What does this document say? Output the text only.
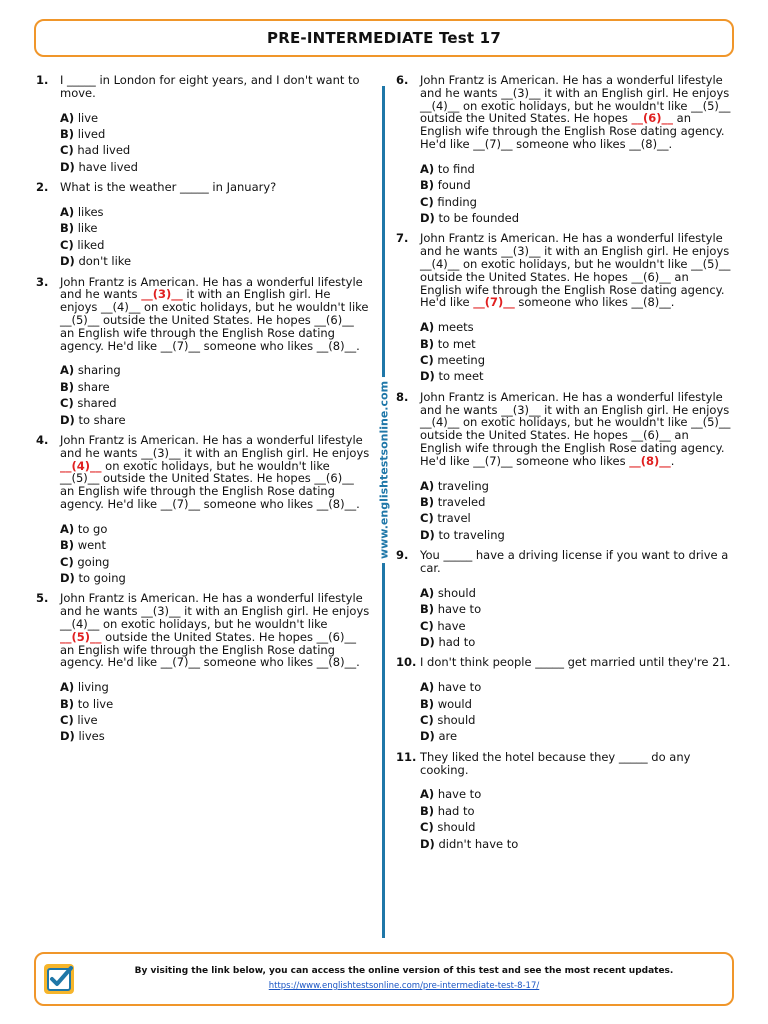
PRE-INTERMEDIATE Test 17
www.englishtestsonline.com
1. I _____ in London for eight years, and I don't want to move.
A) live
B) lived
C) had lived
D) have lived
2. What is the weather _____ in January?
A) likes
B) like
C) liked
D) don't like
3. John Frantz is American. He has a wonderful lifestyle and he wants __(3)__ it with an English girl. He enjoys __(4)__ on exotic holidays, but he wouldn't like __(5)__ outside the United States. He hopes __(6)__ an English wife through the English Rose dating agency. He'd like __(7)__ someone who likes __(8)__.
A) sharing
B) share
C) shared
D) to share
4. John Frantz is American. He has a wonderful lifestyle and he wants __(3)__ it with an English girl. He enjoys __(4)__ on exotic holidays, but he wouldn't like __(5)__ outside the United States. He hopes __(6)__ an English wife through the English Rose dating agency. He'd like __(7)__ someone who likes __(8)__.
A) to go
B) went
C) going
D) to going
5. John Frantz is American. He has a wonderful lifestyle and he wants __(3)__ it with an English girl. He enjoys __(4)__ on exotic holidays, but he wouldn't like __(5)__ outside the United States. He hopes __(6)__ an English wife through the English Rose dating agency. He'd like __(7)__ someone who likes __(8)__.
A) living
B) to live
C) live
D) lives
6. John Frantz is American. He has a wonderful lifestyle and he wants __(3)__ it with an English girl. He enjoys __(4)__ on exotic holidays, but he wouldn't like __(5)__ outside the United States. He hopes __(6)__ an English wife through the English Rose dating agency. He'd like __(7)__ someone who likes __(8)__.
A) to find
B) found
C) finding
D) to be founded
7. John Frantz is American. He has a wonderful lifestyle and he wants __(3)__ it with an English girl. He enjoys __(4)__ on exotic holidays, but he wouldn't like __(5)__ outside the United States. He hopes __(6)__ an English wife through the English Rose dating agency. He'd like __(7)__ someone who likes __(8)__.
A) meets
B) to met
C) meeting
D) to meet
8. John Frantz is American. He has a wonderful lifestyle and he wants __(3)__ it with an English girl. He enjoys __(4)__ on exotic holidays, but he wouldn't like __(5)__ outside the United States. He hopes __(6)__ an English wife through the English Rose dating agency. He'd like __(7)__ someone who likes __(8)__.
A) traveling
B) traveled
C) travel
D) to traveling
9. You _____ have a driving license if you want to drive a car.
A) should
B) have to
C) have
D) had to
10. I don't think people _____ get married until they're 21.
A) have to
B) would
C) should
D) are
11. They liked the hotel because they _____ do any cooking.
A) have to
B) had to
C) should
D) didn't have to
By visiting the link below, you can access the online version of this test and see the most recent updates.
https://www.englishtestsonline.com/pre-intermediate-test-8-17/
